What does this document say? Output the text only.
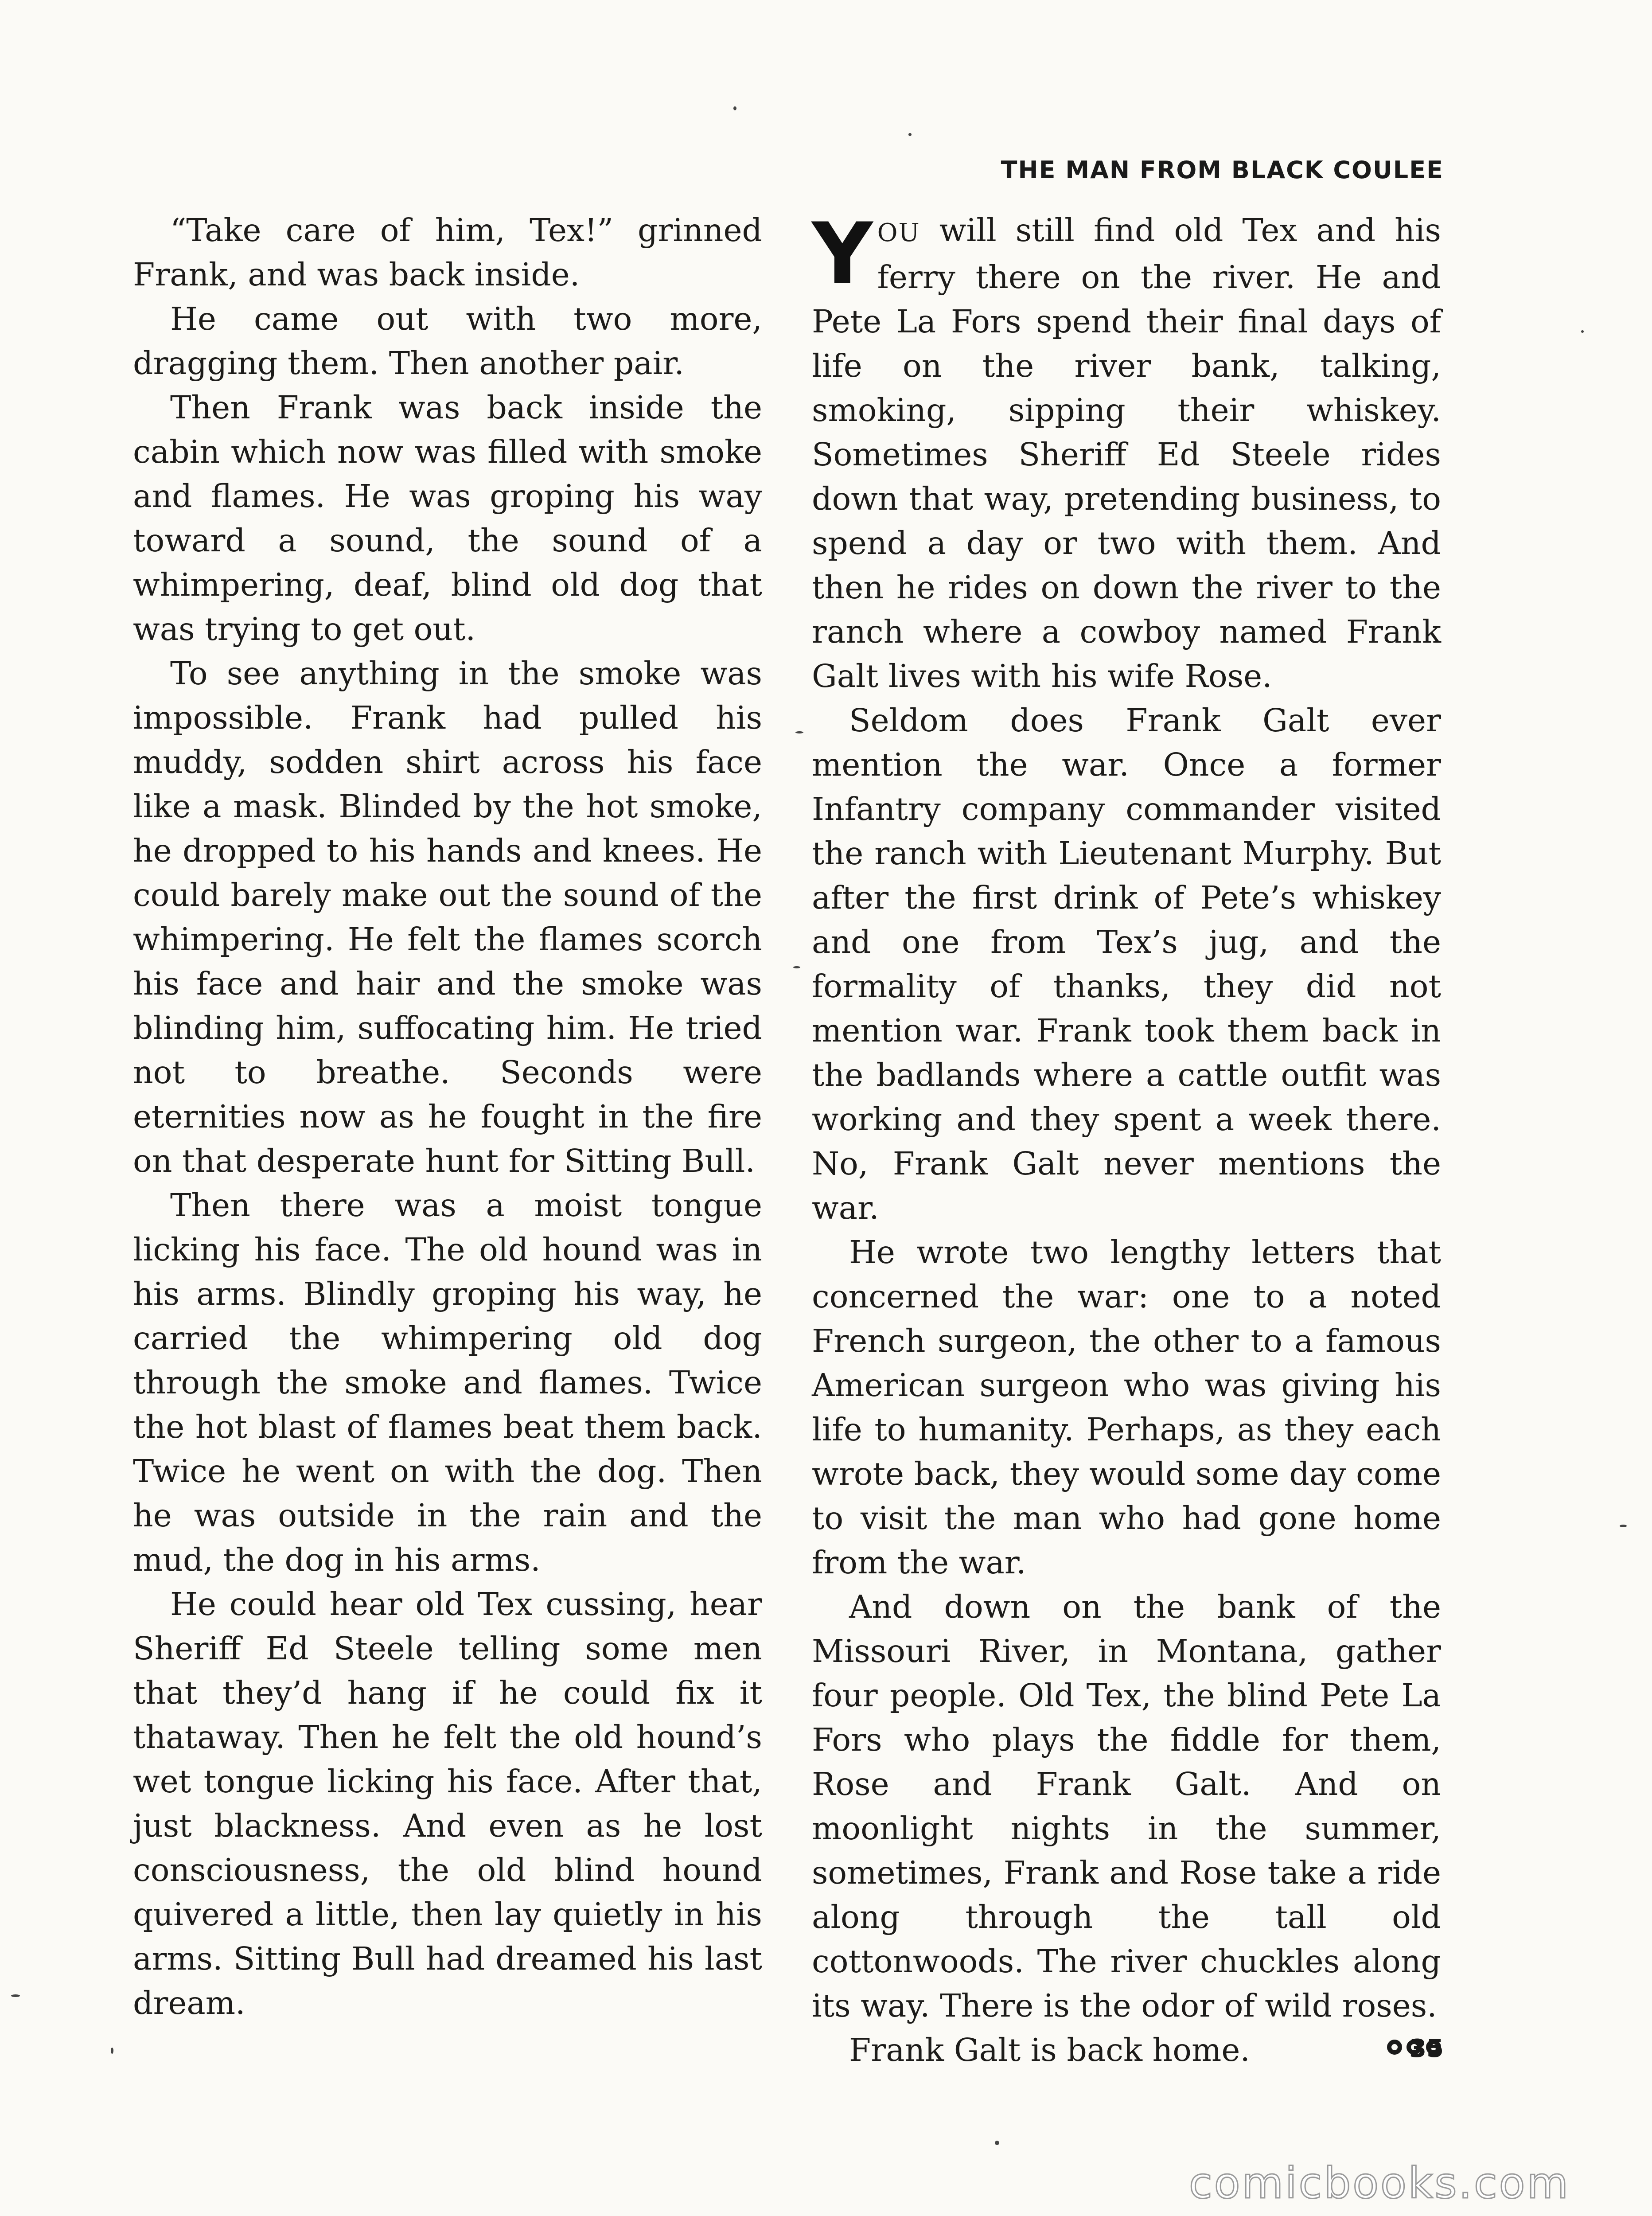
THE MAN FROM BLACK COULEE

“Take care of him, Tex!” grinned Frank, and was back inside.

He came out with two more, dragging them. Then another pair.

Then Frank was back inside the cabin which now was filled with smoke and flames. He was groping his way toward a sound, the sound of a whimpering, deaf, blind old dog that was trying to get out.

To see anything in the smoke was impossible. Frank had pulled his muddy, sodden shirt across his face like a mask. Blinded by the hot smoke, he dropped to his hands and knees. He could barely make out the sound of the whimpering. He felt the flames scorch his face and hair and the smoke was blinding him, suffocating him. He tried not to breathe. Seconds were eternities now as he fought in the fire on that desperate hunt for Sitting Bull.

Then there was a moist tongue licking his face. The old hound was in his arms. Blindly groping his way, he carried the whimpering old dog through the smoke and flames. Twice the hot blast of flames beat them back. Twice he went on with the dog. Then he was outside in the rain and the mud, the dog in his arms.

He could hear old Tex cussing, hear Sheriff Ed Steele telling some men that they’d hang if he could fix it thataway. Then he felt the old hound’s wet tongue licking his face. After that, just blackness. And even as he lost consciousness, the old blind hound quivered a little, then lay quietly in his arms. Sitting Bull had dreamed his last dream.

YOU will still find old Tex and his ferry there on the river. He and Pete La Fors spend their final days of life on the river bank, talking, smoking, sipping their whiskey. Sometimes Sheriff Ed Steele rides down that way, pretending business, to spend a day or two with them. And then he rides on down the river to the ranch where a cowboy named Frank Galt lives with his wife Rose.

Seldom does Frank Galt ever mention the war. Once a former Infantry company commander visited the ranch with Lieutenant Murphy. But after the first drink of Pete’s whiskey and one from Tex’s jug, and the formality of thanks, they did not mention war. Frank took them back in the badlands where a cattle outfit was working and they spent a week there. No, Frank Galt never mentions the war.

He wrote two lengthy letters that concerned the war: one to a noted French surgeon, the other to a famous American surgeon who was giving his life to humanity. Perhaps, as they each wrote back, they would some day come to visit the man who had gone home from the war.

And down on the bank of the Missouri River, in Montana, gather four people. Old Tex, the blind Pete La Fors who plays the fiddle for them, Rose and Frank Galt. And on moonlight nights in the summer, sometimes, Frank and Rose take a ride along through the tall old cottonwoods. The river chuckles along its way. There is the odor of wild roses.

Frank Galt is back home.	35
comicbooks.com
